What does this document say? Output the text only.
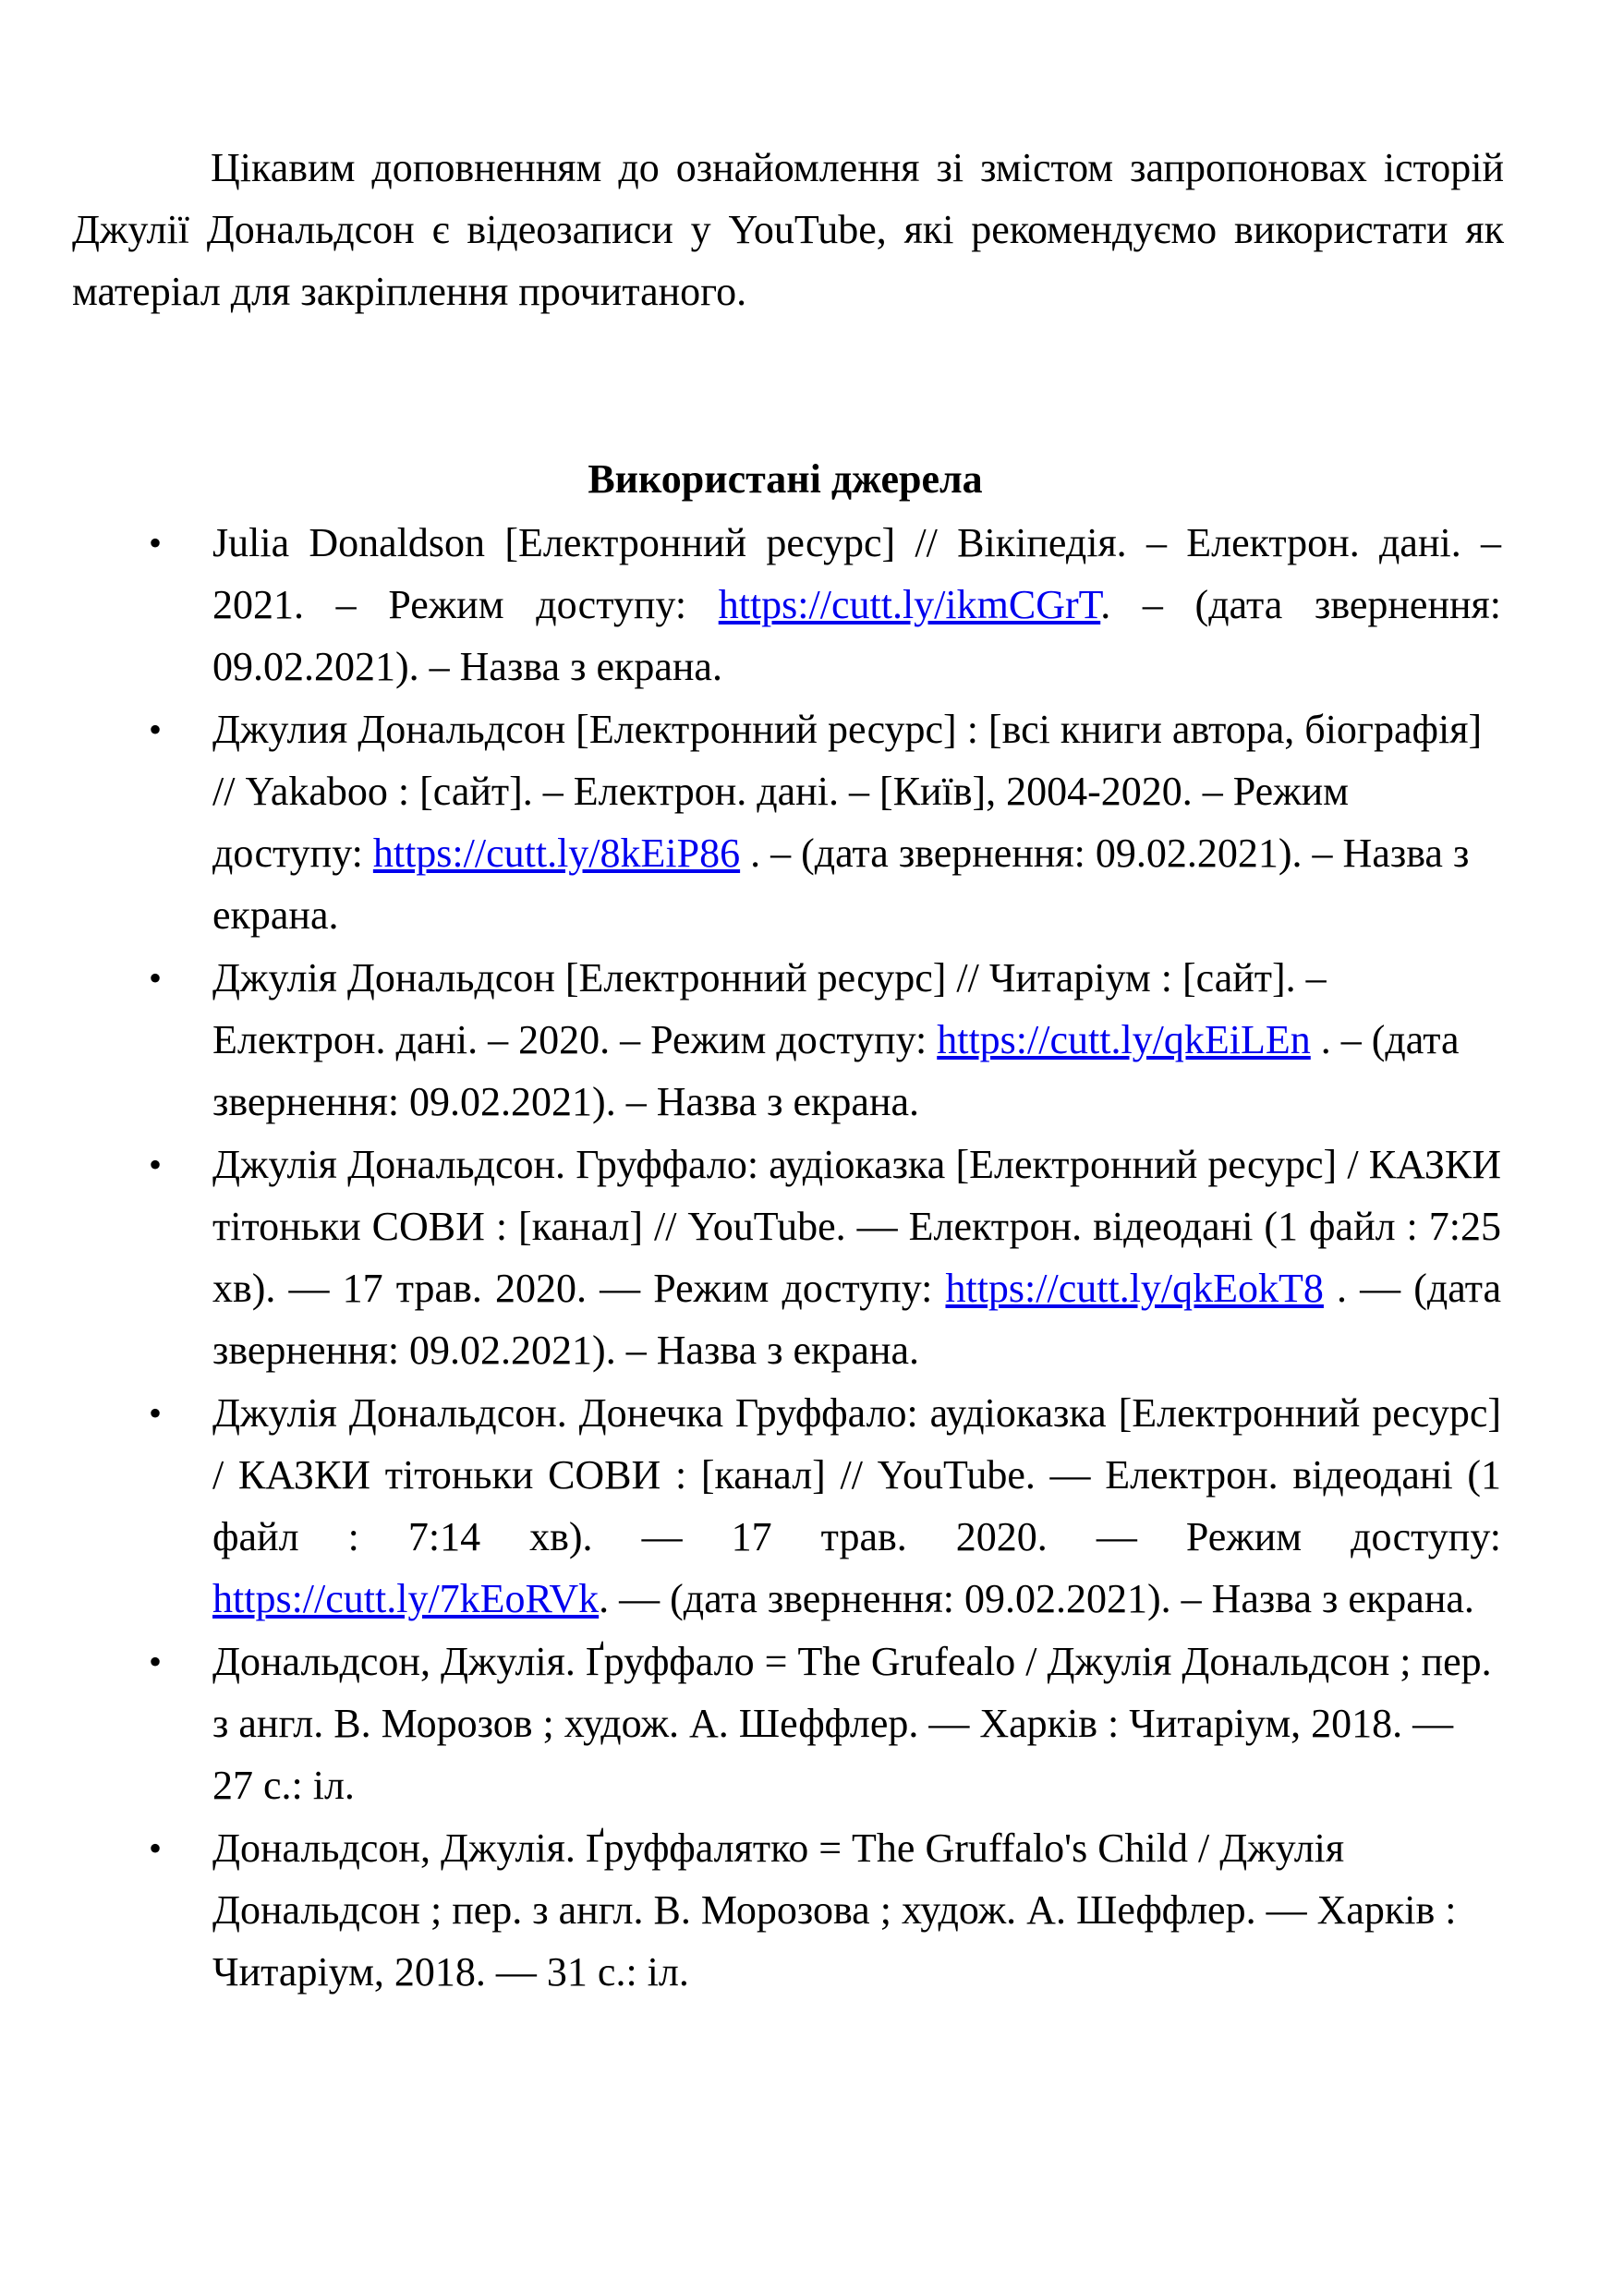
Цікавим доповненням до ознайомлення зі змістом запропоновах історій Джулії Дональдсон є відеозаписи у YouTube, які рекомендуємо використати як матеріал для закріплення прочитаного.

Використані джерела

• Julia Donaldson [Електронний ресурс] // Вікіпедія. – Електрон. дані. – 2021. – Режим доступу: https://cutt.ly/ikmCGrT. – (дата звернення: 09.02.2021). – Назва з екрана.
• Джулия Дональдсон [Електронний ресурс] : [всі книги автора, біографія] // Yakaboo : [сайт]. – Електрон. дані. – [Київ], 2004-2020. – Режим доступу: https://cutt.ly/8kEiP86 . – (дата звернення: 09.02.2021). – Назва з екрана.
• Джулія Дональдсон [Електронний ресурс] // Читаріум : [сайт]. – Електрон. дані. – 2020. – Режим доступу: https://cutt.ly/qkEiLEn . – (дата звернення: 09.02.2021). – Назва з екрана.
• Джулія Дональдсон. Груффало: аудіоказка [Електронний ресурс] / КАЗКИ тітоньки СОВИ : [канал] // YouTube. — Електрон. відеодані (1 файл : 7:25 хв). — 17 трав. 2020. — Режим доступу: https://cutt.ly/qkEokT8 . — (дата звернення: 09.02.2021). – Назва з екрана.
• Джулія Дональдсон. Донечка Груффало: аудіоказка [Електронний ресурс] / КАЗКИ тітоньки СОВИ : [канал] // YouTube. — Електрон. відеодані (1 файл : 7:14 хв). — 17 трав. 2020. — Режим доступу: https://cutt.ly/7kEoRVk. — (дата звернення: 09.02.2021). – Назва з екрана.
• Дональдсон, Джулія. Ґруффало = The Grufealo / Джулія Дональдсон ; пер. з англ. В. Морозов ; худож. А. Шеффлер. — Харків : Читаріум, 2018. — 27 с.: іл.
• Дональдсон, Джулія. Ґруффалятко = The Gruffalo's Child / Джулія Дональдсон ; пер. з англ. В. Морозова ; худож. А. Шеффлер. — Харків : Читаріум, 2018. — 31 с.: іл.
